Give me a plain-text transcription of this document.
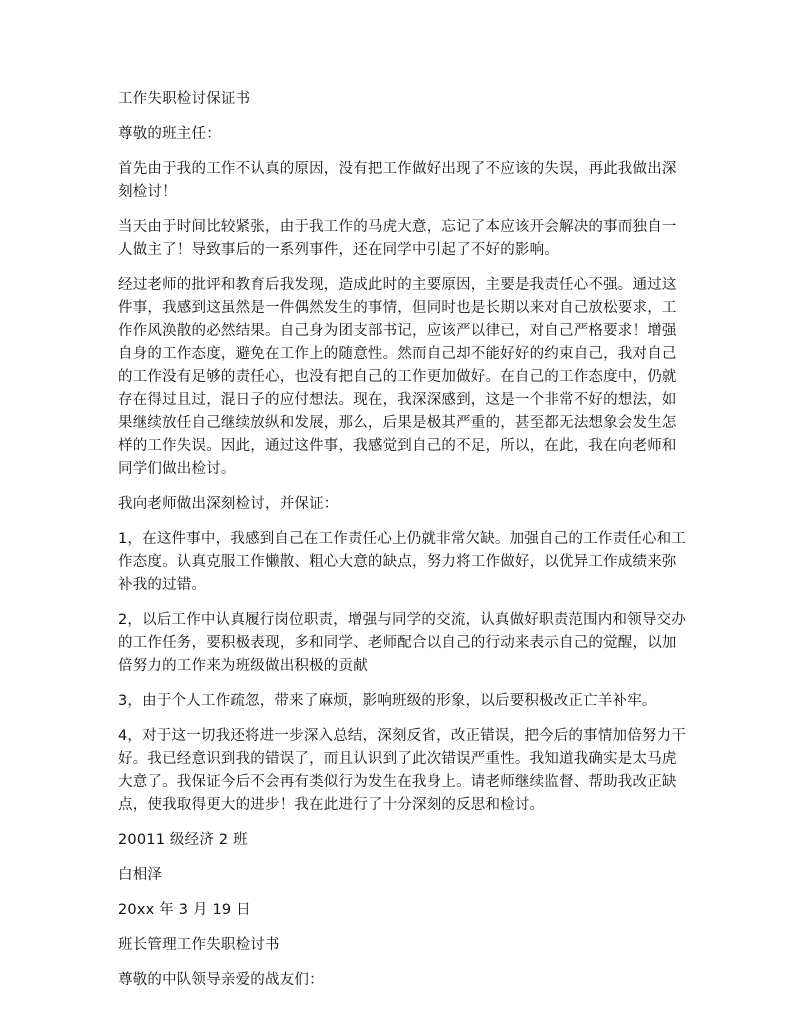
工作失职检讨保证书

尊敬的班主任：

首先由于我的工作不认真的原因，没有把工作做好出现了不应该的失误，再此我做出深刻检讨！

当天由于时间比较紧张，由于我工作的马虎大意，忘记了本应该开会解决的事而独自一人做主了！导致事后的一系列事件，还在同学中引起了不好的影响。

经过老师的批评和教育后我发现，造成此时的主要原因，主要是我责任心不强。通过这件事，我感到这虽然是一件偶然发生的事情，但同时也是长期以来对自己放松要求，工作作风涣散的必然结果。自己身为团支部书记，应该严以律已，对自己严格要求！增强自身的工作态度，避免在工作上的随意性。然而自己却不能好好的约束自己，我对自己的工作没有足够的责任心，也没有把自己的工作更加做好。在自己的工作态度中，仍就存在得过且过，混日子的应付想法。现在，我深深感到，这是一个非常不好的想法，如果继续放任自己继续放纵和发展，那么，后果是极其严重的，甚至都无法想象会发生怎样的工作失误。因此，通过这件事，我感觉到自己的不足，所以，在此，我在向老师和同学们做出检讨。

我向老师做出深刻检讨，并保证：

1，在这件事中，我感到自己在工作责任心上仍就非常欠缺。加强自己的工作责任心和工作态度。认真克服工作懒散、粗心大意的缺点，努力将工作做好，以优异工作成绩来弥补我的过错。

2，以后工作中认真履行岗位职责，增强与同学的交流，认真做好职责范围内和领导交办的工作任务，要积极表现，多和同学、老师配合以自己的行动来表示自己的觉醒，以加倍努力的工作来为班级做出积极的贡献

3，由于个人工作疏忽，带来了麻烦，影响班级的形象，以后要积极改正亡羊补牢。

4，对于这一切我还将进一步深入总结，深刻反省，改正错误，把今后的事情加倍努力干好。我已经意识到我的错误了，而且认识到了此次错误严重性。我知道我确实是太马虎大意了。我保证今后不会再有类似行为发生在我身上。请老师继续监督、帮助我改正缺点，使我取得更大的进步！我在此进行了十分深刻的反思和检讨。

20011 级经济 2 班

白相泽

20xx 年 3 月 19 日

班长管理工作失职检讨书

尊敬的中队领导亲爱的战友们：
